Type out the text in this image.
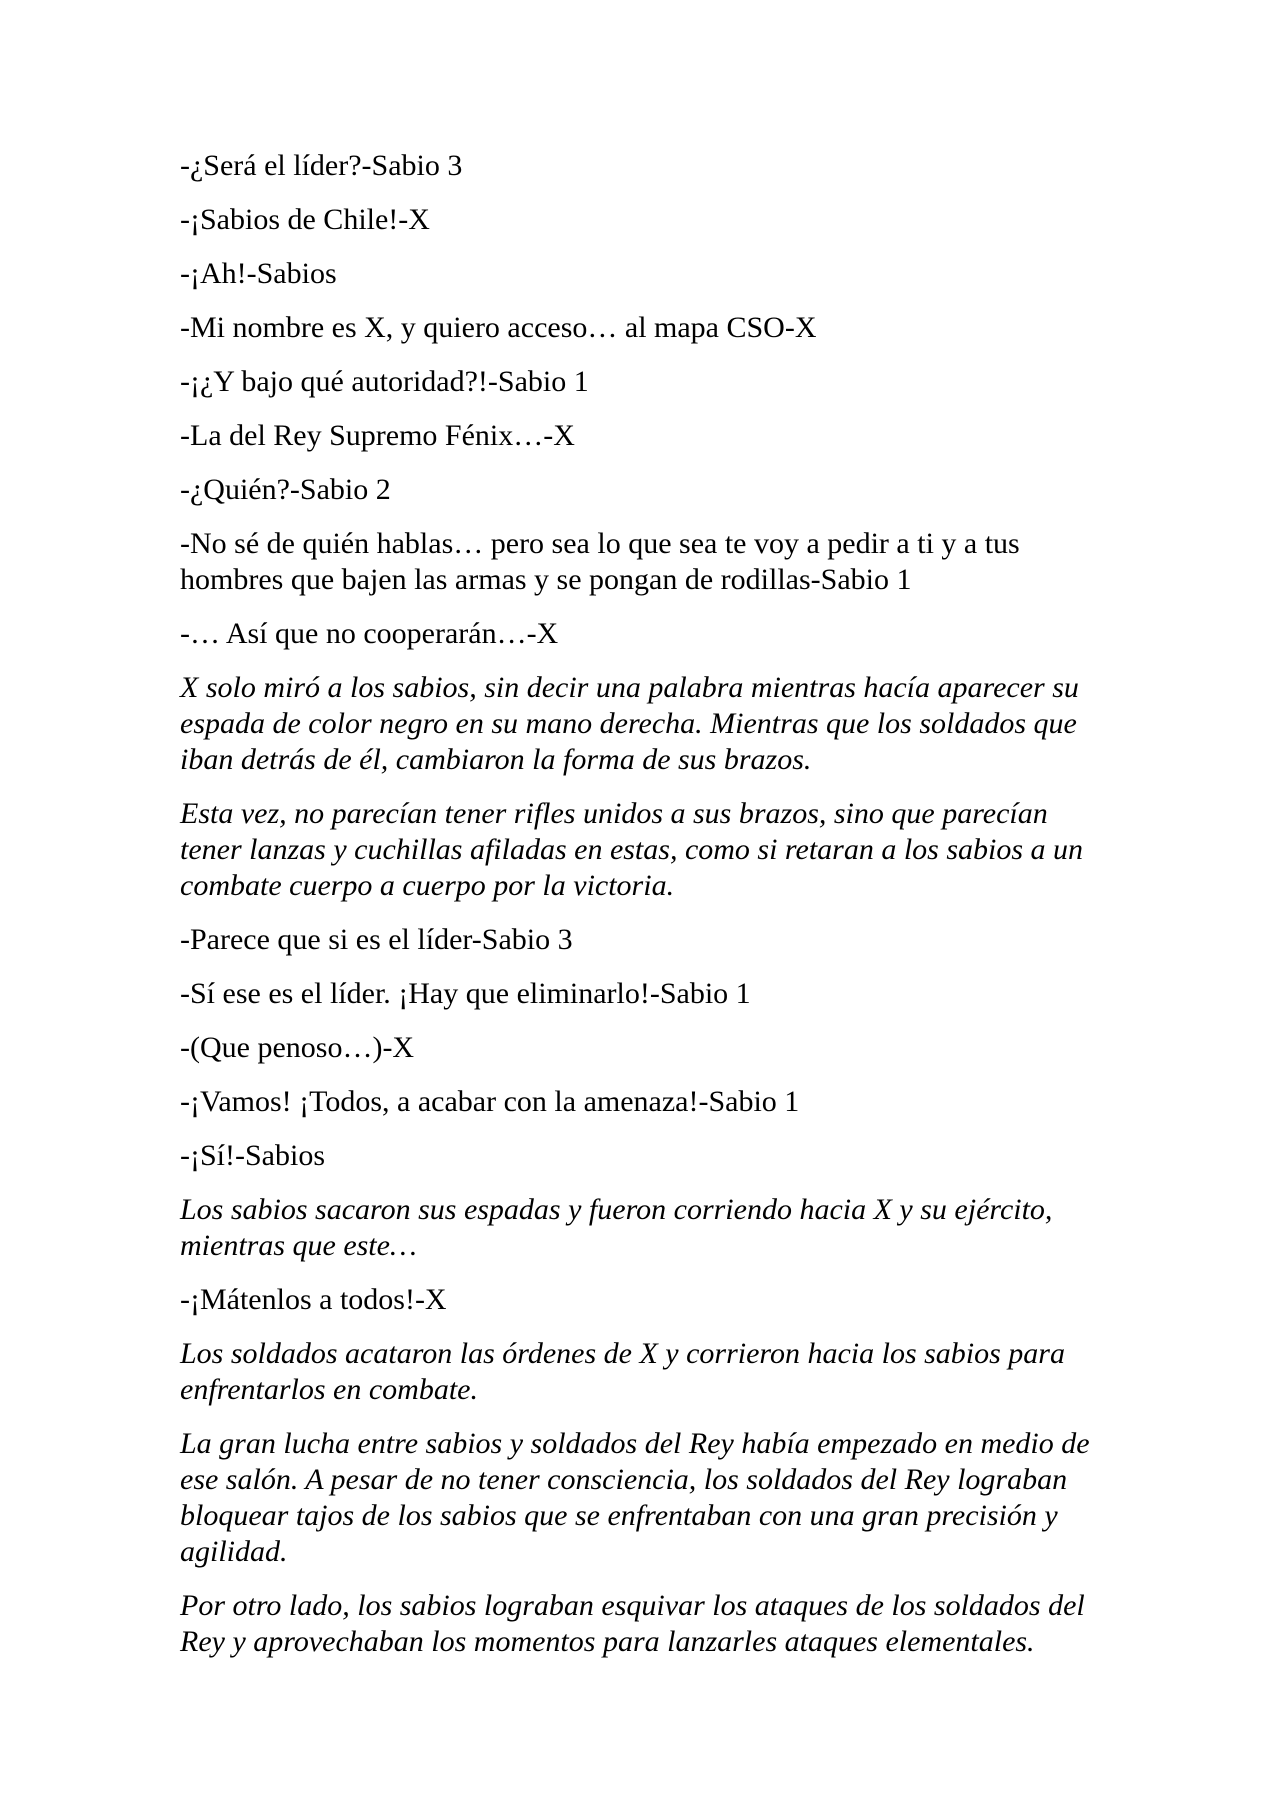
-¿Será el líder?-Sabio 3

-¡Sabios de Chile!-X

-¡Ah!-Sabios

-Mi nombre es X, y quiero acceso… al mapa CSO-X

-¡¿Y bajo qué autoridad?!-Sabio 1

-La del Rey Supremo Fénix…-X

-¿Quién?-Sabio 2

-No sé de quién hablas… pero sea lo que sea te voy a pedir a ti y a tus hombres que bajen las armas y se pongan de rodillas-Sabio 1

-… Así que no cooperarán…-X

X solo miró a los sabios, sin decir una palabra mientras hacía aparecer su espada de color negro en su mano derecha. Mientras que los soldados que iban detrás de él, cambiaron la forma de sus brazos.

Esta vez, no parecían tener rifles unidos a sus brazos, sino que parecían tener lanzas y cuchillas afiladas en estas, como si retaran a los sabios a un combate cuerpo a cuerpo por la victoria.

-Parece que si es el líder-Sabio 3

-Sí ese es el líder. ¡Hay que eliminarlo!-Sabio 1

-(Que penoso…)-X

-¡Vamos! ¡Todos, a acabar con la amenaza!-Sabio 1

-¡Sí!-Sabios

Los sabios sacaron sus espadas y fueron corriendo hacia X y su ejército, mientras que este…

-¡Mátenlos a todos!-X

Los soldados acataron las órdenes de X y corrieron hacia los sabios para enfrentarlos en combate.

La gran lucha entre sabios y soldados del Rey había empezado en medio de ese salón. A pesar de no tener consciencia, los soldados del Rey lograban bloquear tajos de los sabios que se enfrentaban con una gran precisión y agilidad.

Por otro lado, los sabios lograban esquivar los ataques de los soldados del Rey y aprovechaban los momentos para lanzarles ataques elementales.
